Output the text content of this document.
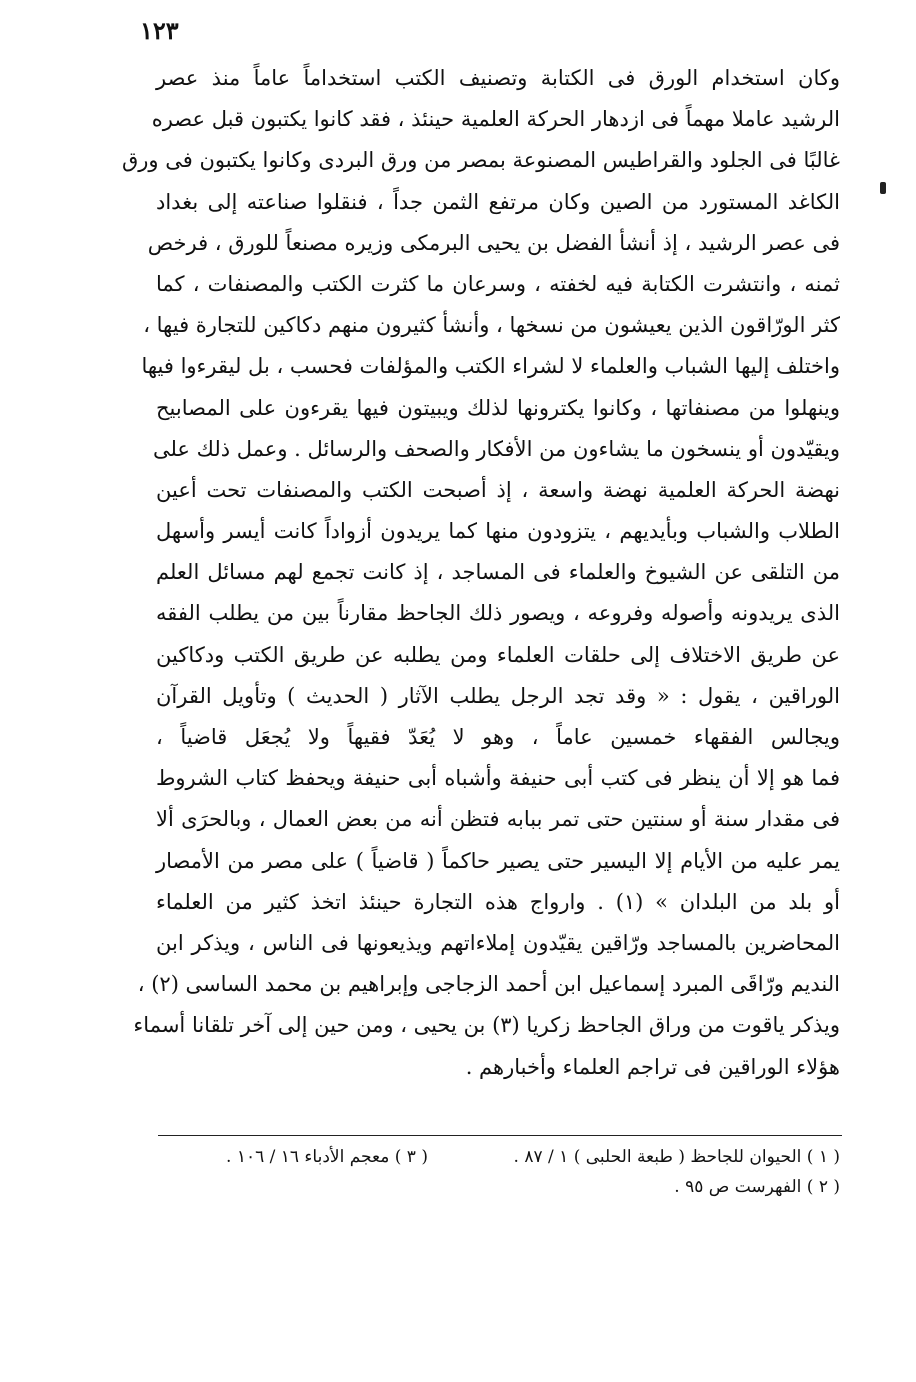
١٢٣
وكان استخدام الورق فى الكتابة وتصنيف الكتب استخداماً عاماً منذ عصر
الرشيد عاملا مهماً فى ازدهار الحركة العلمية حينئذ ، فقد كانوا يكتبون قبل عصره
غالبًا فى الجلود والقراطيس المصنوعة بمصر من ورق البردى وكانوا يكتبون فى ورق
الكاغد المستورد من الصين وكان مرتفع الثمن جداً ، فنقلوا صناعته إلى بغداد
فى عصر الرشيد ، إذ أنشأ الفضل بن يحيى البرمكى وزيره مصنعاً للورق ، فرخص
ثمنه ، وانتشرت الكتابة فيه لخفته ، وسرعان ما كثرت الكتب والمصنفات ، كما
كثر الورّاقون الذين يعيشون من نسخها ، وأنشأ كثيرون منهم دكاكين للتجارة فيها ،
واختلف إليها الشباب والعلماء لا لشراء الكتب والمؤلفات فحسب ، بل ليقرءوا فيها
وينهلوا من مصنفاتها ، وكانوا يكترونها لذلك ويبيتون فيها يقرءون على المصابيح
ويقيّدون أو ينسخون ما يشاءون من الأفكار والصحف والرسائل . وعمل ذلك على
نهضة الحركة العلمية نهضة واسعة ، إذ أصبحت الكتب والمصنفات تحت أعين
الطلاب والشباب وبأيديهم ، يتزودون منها كما يريدون أزواداً كانت أيسر وأسهل
من التلقى عن الشيوخ والعلماء فى المساجد ، إذ كانت تجمع لهم مسائل العلم
الذى يريدونه وأصوله وفروعه ، ويصور ذلك الجاحظ مقارناً بين من يطلب الفقه
عن طريق الاختلاف إلى حلقات العلماء ومن يطلبه عن طريق الكتب ودكاكين
الوراقين ، يقول : « وقد تجد الرجل يطلب الآثار ( الحديث ) وتأويل القرآن
ويجالس الفقهاء خمسين عاماً ، وهو لا يُعَدّ فقيهاً ولا يُجعَل قاضياً ،
فما هو إلا أن ينظر فى كتب أبى حنيفة وأشباه أبى حنيفة ويحفظ كتاب الشروط
فى مقدار سنة أو سنتين حتى تمر ببابه فتظن أنه من بعض العمال ، وبالحرَى ألا
يمر عليه من الأيام إلا اليسير حتى يصير حاكماً ( قاضياً ) على مصر من الأمصار
أو بلد من البلدان » (١) . وارواج هذه التجارة حينئذ اتخذ كثير من العلماء
المحاضرين بالمساجد ورّاقين يقيّدون إملاءاتهم ويذيعونها فى الناس ، ويذكر ابن
النديم ورّاقَى المبرد إسماعيل ابن أحمد الزجاجى وإبراهيم بن محمد الساسى (٢) ،
ويذكر ياقوت من وراق الجاحظ زكريا (٣) بن يحيى ، ومن حين إلى آخر تلقانا أسماء
هؤلاء الوراقين فى تراجم العلماء وأخبارهم .
( ١ ) الحيوان للجاحظ ( طبعة الحلبى ) ١ / ٨٧ .
( ٣ ) معجم الأدباء ١٦ / ١٠٦ .
( ٢ ) الفهرست ص ٩٥ .
